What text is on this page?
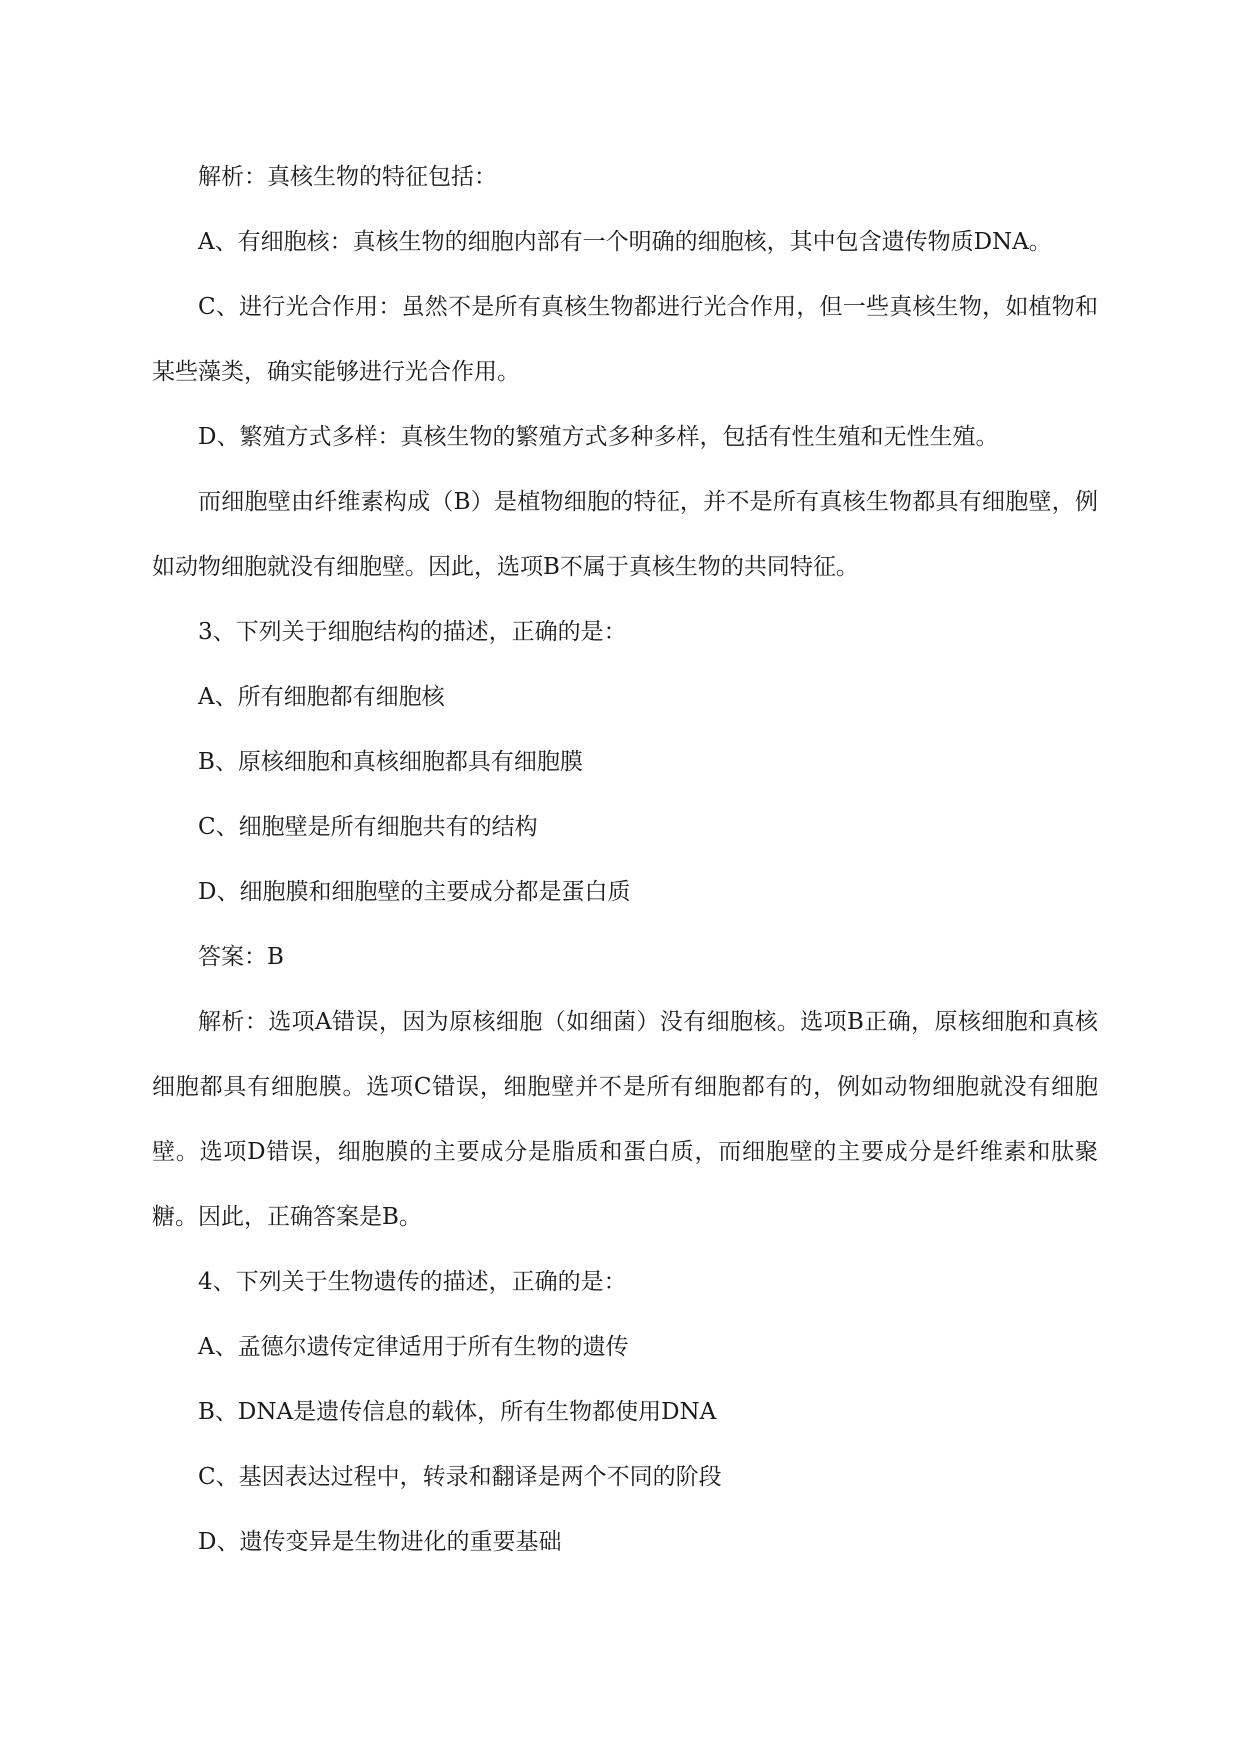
解析：真核生物的特征包括：

A、有细胞核：真核生物的细胞内部有一个明确的细胞核，其中包含遗传物质DNA。

C、进行光合作用：虽然不是所有真核生物都进行光合作用，但一些真核生物，如植物和某些藻类，确实能够进行光合作用。

D、繁殖方式多样：真核生物的繁殖方式多种多样，包括有性生殖和无性生殖。

而细胞壁由纤维素构成（B）是植物细胞的特征，并不是所有真核生物都具有细胞壁，例如动物细胞就没有细胞壁。因此，选项B不属于真核生物的共同特征。

3、下列关于细胞结构的描述，正确的是：

A、所有细胞都有细胞核

B、原核细胞和真核细胞都具有细胞膜

C、细胞壁是所有细胞共有的结构

D、细胞膜和细胞壁的主要成分都是蛋白质

答案：B

解析：选项A错误，因为原核细胞（如细菌）没有细胞核。选项B正确，原核细胞和真核细胞都具有细胞膜。选项C错误，细胞壁并不是所有细胞都有的，例如动物细胞就没有细胞壁。选项D错误，细胞膜的主要成分是脂质和蛋白质，而细胞壁的主要成分是纤维素和肽聚糖。因此，正确答案是B。

4、下列关于生物遗传的描述，正确的是：

A、孟德尔遗传定律适用于所有生物的遗传

B、DNA是遗传信息的载体，所有生物都使用DNA

C、基因表达过程中，转录和翻译是两个不同的阶段

D、遗传变异是生物进化的重要基础
